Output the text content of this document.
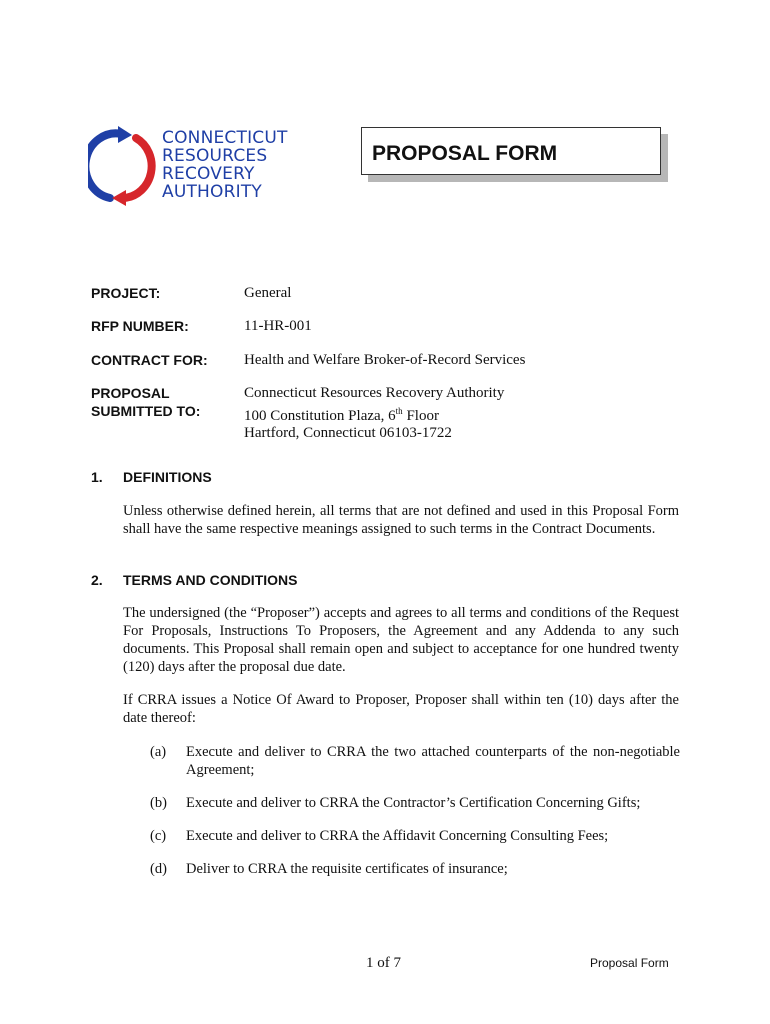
CONNECTICUT
RESOURCES
RECOVERY
AUTHORITY
PROPOSAL FORM
PROJECT:	General
RFP NUMBER:	11-HR-001
CONTRACT FOR: Health and Welfare Broker-of-Record Services
PROPOSAL
SUBMITTED TO:
Connecticut Resources Recovery Authority
100 Constitution Plaza, 6th Floor
Hartford, Connecticut 06103-1722
1. DEFINITIONS
Unless otherwise defined herein, all terms that are not defined and used in this Proposal Form shall have the same respective meanings assigned to such terms in the Contract Documents.
2. TERMS AND CONDITIONS
The undersigned (the “Proposer”) accepts and agrees to all terms and conditions of the Request For Proposals, Instructions To Proposers, the Agreement and any Addenda to any such documents. This Proposal shall remain open and subject to acceptance for one hundred twenty (120) days after the proposal due date.
If CRRA issues a Notice Of Award to Proposer, Proposer shall within ten (10) days after the date thereof:
(a) Execute and deliver to CRRA the two attached counterparts of the non-negotiable Agreement;
(b) Execute and deliver to CRRA the Contractor’s Certification Concerning Gifts;
(c) Execute and deliver to CRRA the Affidavit Concerning Consulting Fees;
(d) Deliver to CRRA the requisite certificates of insurance;
1 of 7	Proposal Form
